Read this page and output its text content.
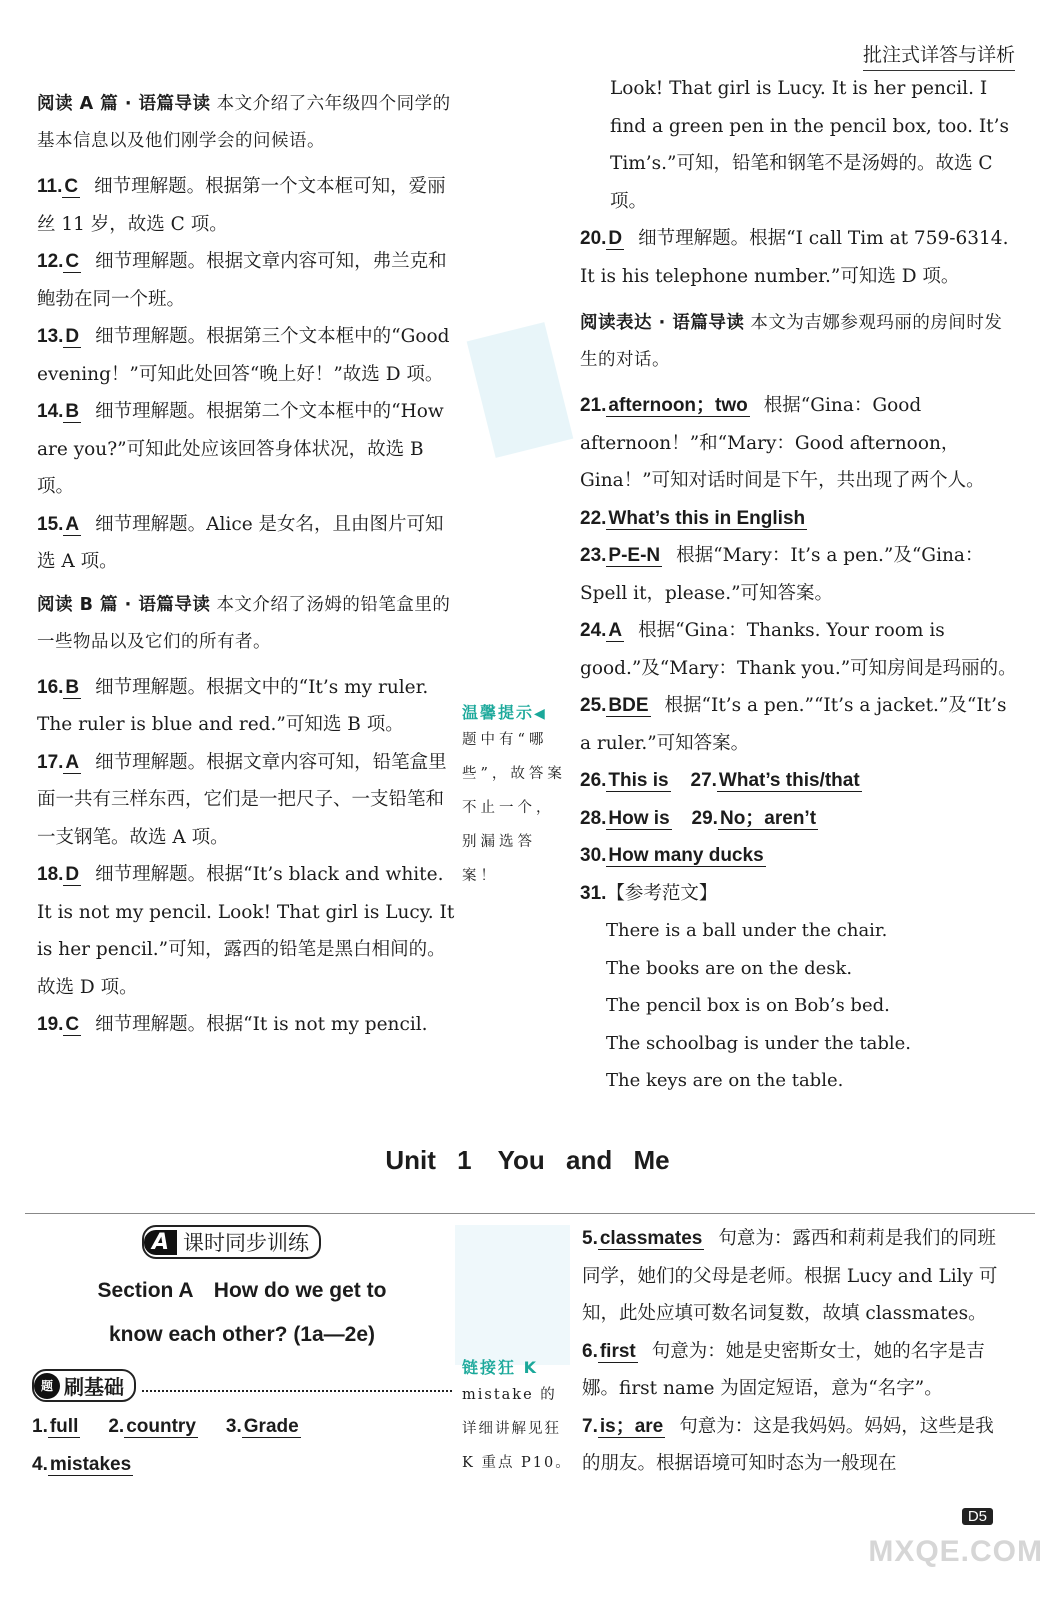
批注式详答与详析
阅读 A 篇 · 语篇导读 本文介绍了六年级四个同学的基本信息以及他们刚学会的问候语。

11. C 细节理解题。根据第一个文本框可知，爱丽丝 11 岁，故选 C 项。

12. C 细节理解题。根据文章内容可知，弗兰克和鲍勃在同一个班。

13. D 细节理解题。根据第三个文本框中的“Good evening！”可知此处回答“晚上好！”故选 D 项。

14. B 细节理解题。根据第二个文本框中的“How are you?”可知此处应该回答身体状况，故选 B 项。

15. A 细节理解题。Alice 是女名，且由图片可知选 A 项。

阅读 B 篇 · 语篇导读 本文介绍了汤姆的铅笔盒里的一些物品以及它们的所有者。

16. B 细节理解题。根据文中的“It’s my ruler. The ruler is blue and red.”可知选 B 项。

17. A 细节理解题。根据文章内容可知，铅笔盒里面一共有三样东西，它们是一把尺子、一支铅笔和一支钢笔。故选 A 项。

18. D 细节理解题。根据“It’s black and white. It is not my pencil. Look! That girl is Lucy. It is her pencil.”可知，露西的铅笔是黑白相间的。故选 D 项。

19. C 细节理解题。根据“It is not my pencil.

温馨提示◀
题中有“哪些”，故答案不止一个，别漏选答案！

Look! That girl is Lucy. It is her pencil. I find a green pen in the pencil box, too. It’s Tim’s.”可知，铅笔和钢笔不是汤姆的。故选 C 项。

20. D 细节理解题。根据“I call Tim at 759-6314. It is his telephone number.”可知选 D 项。

阅读表达 · 语篇导读 本文为吉娜参观玛丽的房间时发生的对话。

21. afternoon；two 根据“Gina：Good afternoon！”和“Mary：Good afternoon，Gina！”可知对话时间是下午，共出现了两个人。

22. What’s this in English

23. P-E-N 根据“Mary：It’s a pen.”及“Gina：Spell it，please.”可知答案。

24. A 根据“Gina：Thanks. Your room is good.”及“Mary：Thank you.”可知房间是玛丽的。

25. BDE 根据“It’s a pen.”“It’s a jacket.”及“It’s a ruler.”可知答案。

26. This is 27. What’s this/that

28. How is 29. No；aren’t

30. How many ducks

31.【参考范文】

There is a ball under the chair.
The books are on the desk.
The pencil box is on Bob’s bed.
The schoolbag is under the table.
The keys are on the table.
Unit 1　You and Me
A 课时同步训练
Section A　How do we get to
know each other? (1a—2e)
题 刷基础
1. full	2. country	3. Grade
4. mistakes
链接狂 K
mistake 的详细讲解见狂 K 重点 P10。

5. classmates 句意为：露西和莉莉是我们的同班同学，她们的父母是老师。根据 Lucy and Lily 可知，此处应填可数名词复数，故填 classmates。

6. first 句意为：她是史密斯女士，她的名字是吉娜。first name 为固定短语，意为“名字”。

7. is；are 句意为：这是我妈妈。妈妈，这些是我的朋友。根据语境可知时态为一般现在

D5
MXQE.COM
